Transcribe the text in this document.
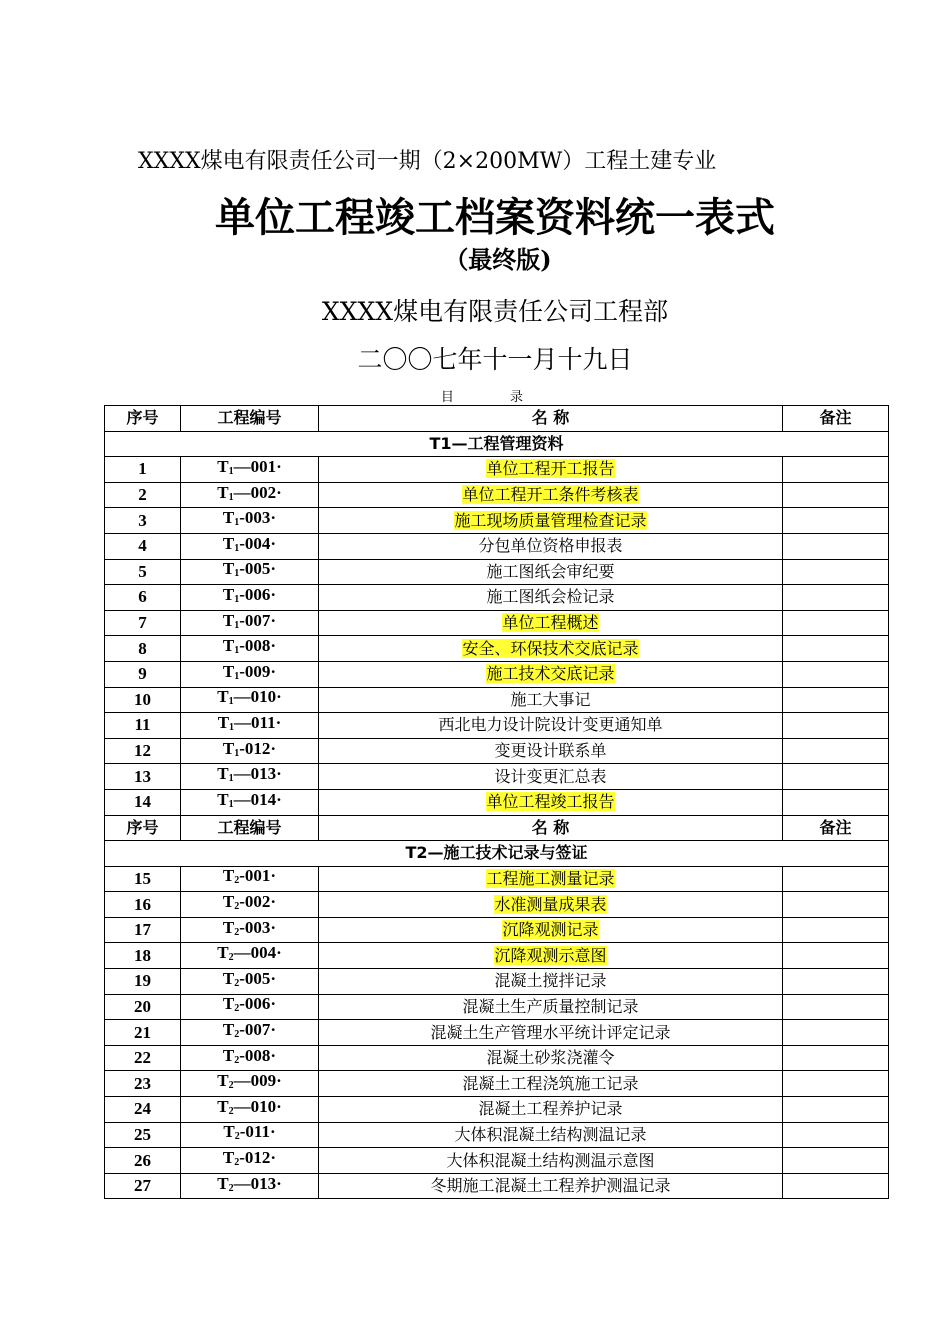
XXXX煤电有限责任公司一期（2×200MW）工程土建专业
单位工程竣工档案资料统一表式
（最终版)
XXXX煤电有限责任公司工程部
二〇〇七年十一月十九日
目 录
序号	工程编号	名 称	备注
T1—工程管理资料			
1	$T_1—001\cdot$	单位工程开工报告	
2	$T_1—002\cdot$	单位工程开工条件考核表	
3	$T_1-003\cdot$	施工现场质量管理检查记录	
4	$T_1-004\cdot$	分包单位资格申报表	
5	$T_1-005\cdot$	施工图纸会审纪要	
6	$T_1-006\cdot$	施工图纸会检记录	
7	$T_1-007\cdot$	单位工程概述	
8	$T_1-008\cdot$	安全、环保技术交底记录	
9	$T_1-009\cdot$	施工技术交底记录	
10	$T_1—010\cdot$	施工大事记	
11	$T_1—011\cdot$	西北电力设计院设计变更通知单	
12	$T_1-012\cdot$	变更设计联系单	
13	$T_1—013\cdot$	设计变更汇总表	
14	$T_1—014\cdot$	单位工程竣工报告	
序号	工程编号	名 称	备注
T2—施工技术记录与签证			
15	$T_2-001\cdot$	工程施工测量记录	
16	$T_2-002\cdot$	水准测量成果表	
17	$T_2-003\cdot$	沉降观测记录	
18	$T_2—004\cdot$	沉降观测示意图	
19	$T_2-005\cdot$	混凝土搅拌记录	
20	$T_2-006\cdot$	混凝土生产质量控制记录	
21	$T_2-007\cdot$	混凝土生产管理水平统计评定记录	
22	$T_2-008\cdot$	混凝土砂浆浇灌令	
23	$T_2—009\cdot$	混凝土工程浇筑施工记录	
24	$T_2—010\cdot$	混凝土工程养护记录	
25	$T_2-011\cdot$	大体积混凝土结构测温记录	
26	$T_2-012\cdot$	大体积混凝土结构测温示意图	
27	$T_2—013\cdot$	冬期施工混凝土工程养护测温记录	
